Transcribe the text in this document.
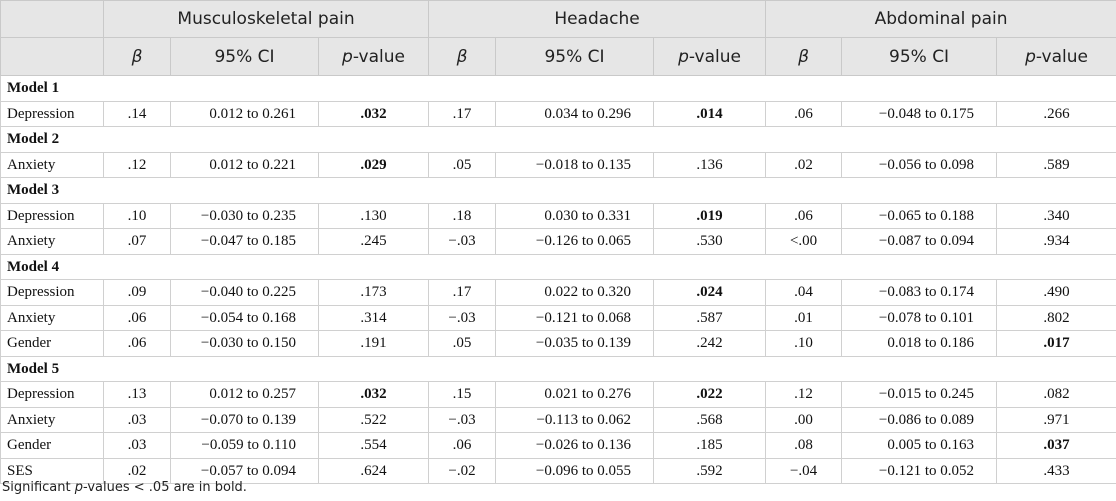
	Musculoskeletal pain			Headache			Abdominal pain		
	β	95% CI	p-value	β	95% CI	p-value	β	95% CI	p-value
Model 1									
Depression	.14	0.012 to 0.261	.032	.17	0.034 to 0.296	.014	.06	−0.048 to 0.175	.266
Model 2									
Anxiety	.12	0.012 to 0.221	.029	.05	−0.018 to 0.135	.136	.02	−0.056 to 0.098	.589
Model 3									
Depression	.10	−0.030 to 0.235	.130	.18	0.030 to 0.331	.019	.06	−0.065 to 0.188	.340
Anxiety	.07	−0.047 to 0.185	.245	−.03	−0.126 to 0.065	.530	<.00	−0.087 to 0.094	.934
Model 4									
Depression	.09	−0.040 to 0.225	.173	.17	0.022 to 0.320	.024	.04	−0.083 to 0.174	.490
Anxiety	.06	−0.054 to 0.168	.314	−.03	−0.121 to 0.068	.587	.01	−0.078 to 0.101	.802
Gender	.06	−0.030 to 0.150	.191	.05	−0.035 to 0.139	.242	.10	0.018 to 0.186	.017
Model 5									
Depression	.13	0.012 to 0.257	.032	.15	0.021 to 0.276	.022	.12	−0.015 to 0.245	.082
Anxiety	.03	−0.070 to 0.139	.522	−.03	−0.113 to 0.062	.568	.00	−0.086 to 0.089	.971
Gender	.03	−0.059 to 0.110	.554	.06	−0.026 to 0.136	.185	.08	0.005 to 0.163	.037
SES	.02	−0.057 to 0.094	.624	−.02	−0.096 to 0.055	.592	−.04	−0.121 to 0.052	.433
Significant p-values < .05 are in bold.
